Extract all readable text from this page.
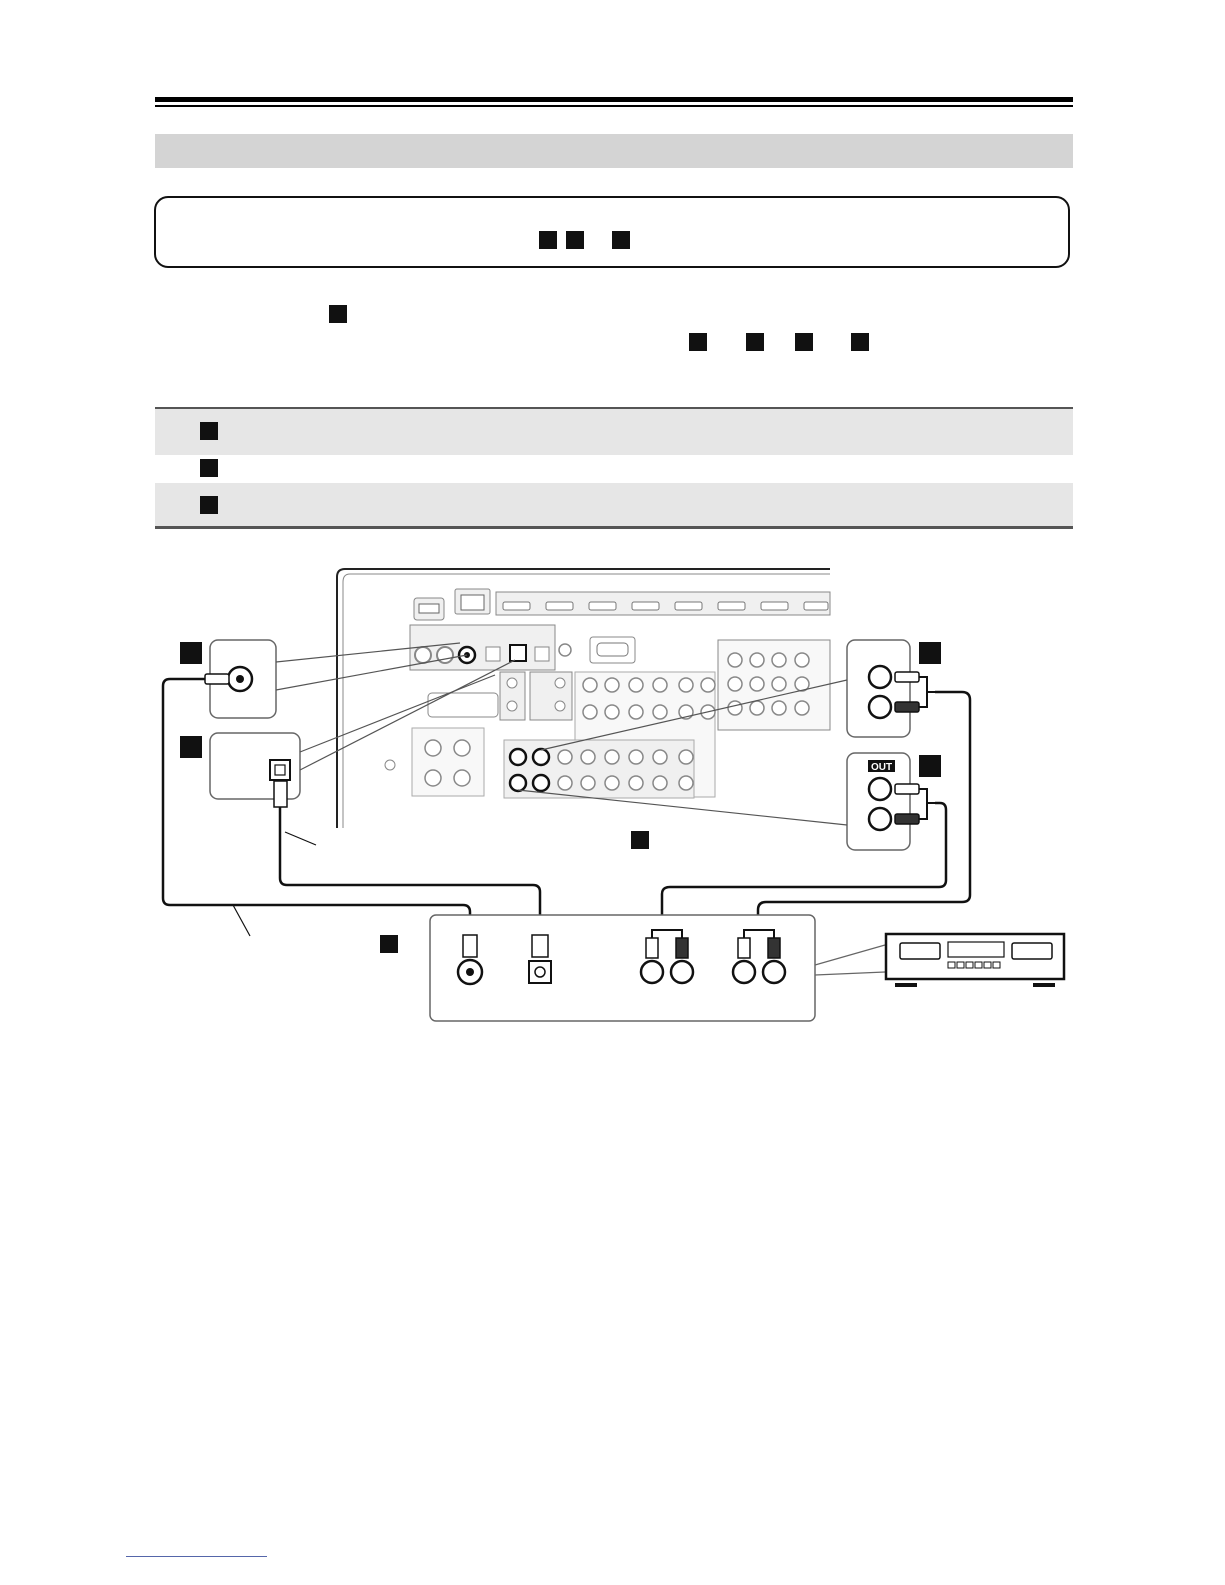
OUT
